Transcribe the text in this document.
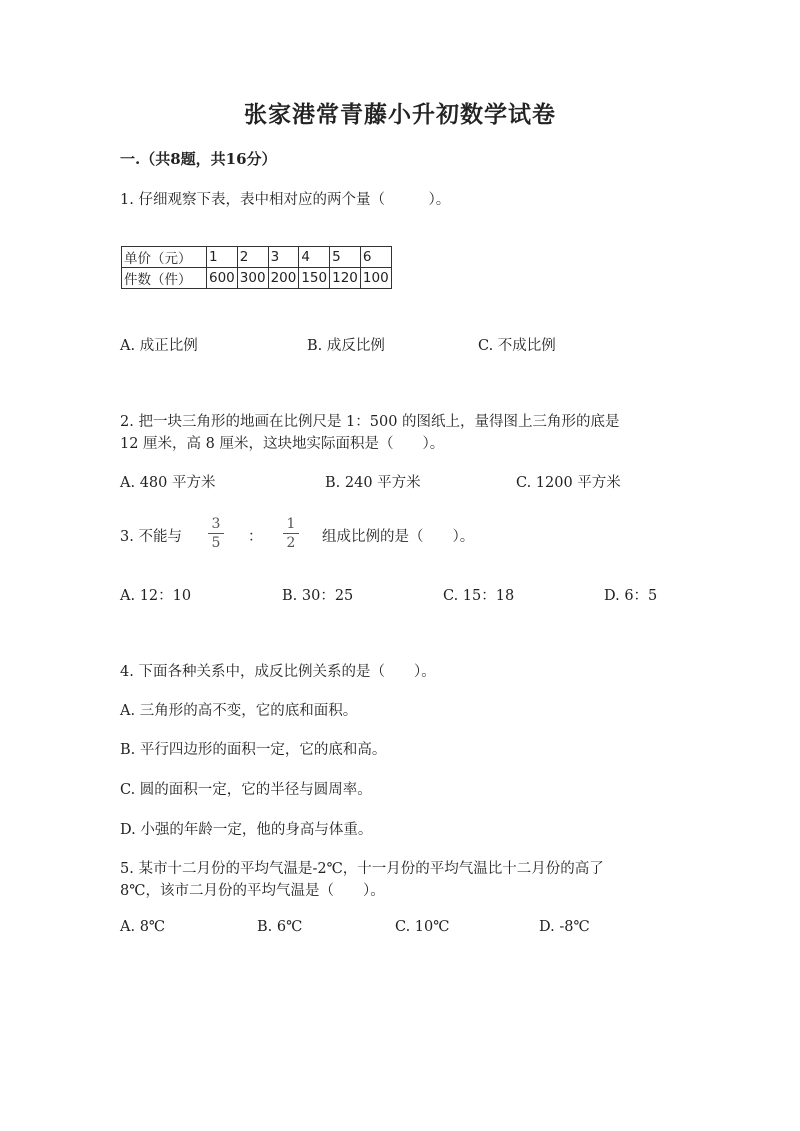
张家港常青藤小升初数学试卷
一.（共8题，共16分）
1. 仔细观察下表，表中相对应的两个量（　　　）。
单价（元）	1	2	3	4	5	6
件数（件）	600	300	200	150	120	100
A. 成正比例	B. 成反比例	C. 不成比例
2. 把一块三角形的地画在比例尺是 1：500 的图纸上，量得图上三角形的底是
12 厘米，高 8 厘米，这块地实际面积是（　　）。
A. 480 平方米	B. 240 平方米	C. 1200 平方米
3. 不能与
3
5	：
1
2	组成比例的是（　　）。
A. 12：10	B. 30：25	C. 15：18	D. 6：5
4. 下面各种关系中，成反比例关系的是（　　）。
A. 三角形的高不变，它的底和面积。
B. 平行四边形的面积一定，它的底和高。
C. 圆的面积一定，它的半径与圆周率。
D. 小强的年龄一定，他的身高与体重。
5. 某市十二月份的平均气温是-2℃，十一月份的平均气温比十二月份的高了
8℃，该市二月份的平均气温是（　　）。
A. 8℃	B. 6℃	C. 10℃	D. -8℃
